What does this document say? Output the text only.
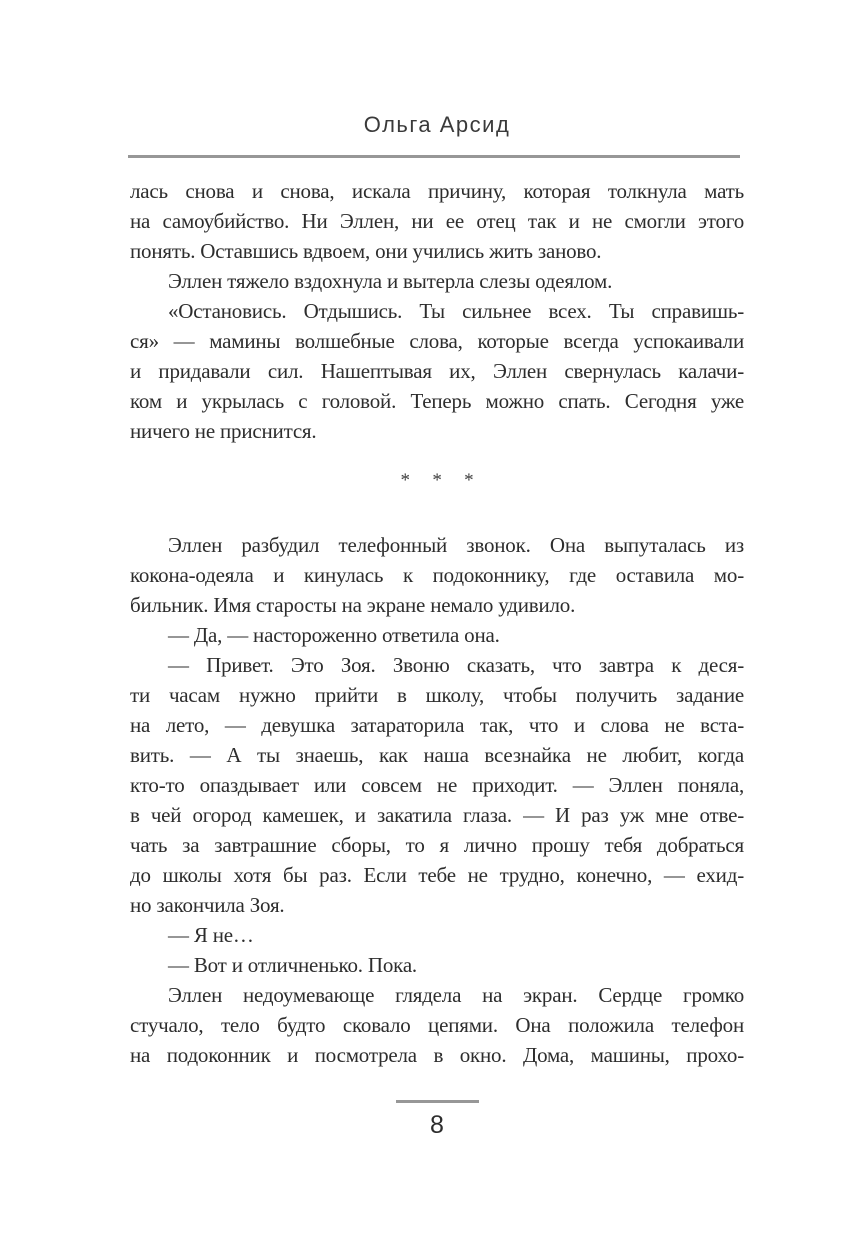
Ольга Арсид
лась снова и снова, искала причину, которая толкнула мать
на самоубийство. Ни Эллен, ни ее отец так и не смогли этого
понять. Оставшись вдвоем, они учились жить заново.
Эллен тяжело вздохнула и вытерла слезы одеялом.
«Остановись. Отдышись. Ты сильнее всех. Ты справишь-
ся» — мамины волшебные слова, которые всегда успокаивали
и придавали сил. Нашептывая их, Эллен свернулась калачи-
ком и укрылась с головой. Теперь можно спать. Сегодня уже
ничего не приснится.
* * *
Эллен разбудил телефонный звонок. Она выпуталась из
кокона-одеяла и кинулась к подоконнику, где оставила мо-
бильник. Имя старосты на экране немало удивило.
— Да, — настороженно ответила она.
— Привет. Это Зоя. Звоню сказать, что завтра к деся-
ти часам нужно прийти в школу, чтобы получить задание
на лето, — девушка затараторила так, что и слова не вста-
вить. — А ты знаешь, как наша всезнайка не любит, когда
кто-то опаздывает или совсем не приходит. — Эллен поняла,
в чей огород камешек, и закатила глаза. — И раз уж мне отве-
чать за завтрашние сборы, то я лично прошу тебя добраться
до школы хотя бы раз. Если тебе не трудно, конечно, — ехид-
но закончила Зоя.
— Я не…
— Вот и отличненько. Пока.
Эллен недоумевающе глядела на экран. Сердце громко
стучало, тело будто сковало цепями. Она положила телефон
на подоконник и посмотрела в окно. Дома, машины, прохо-
8
